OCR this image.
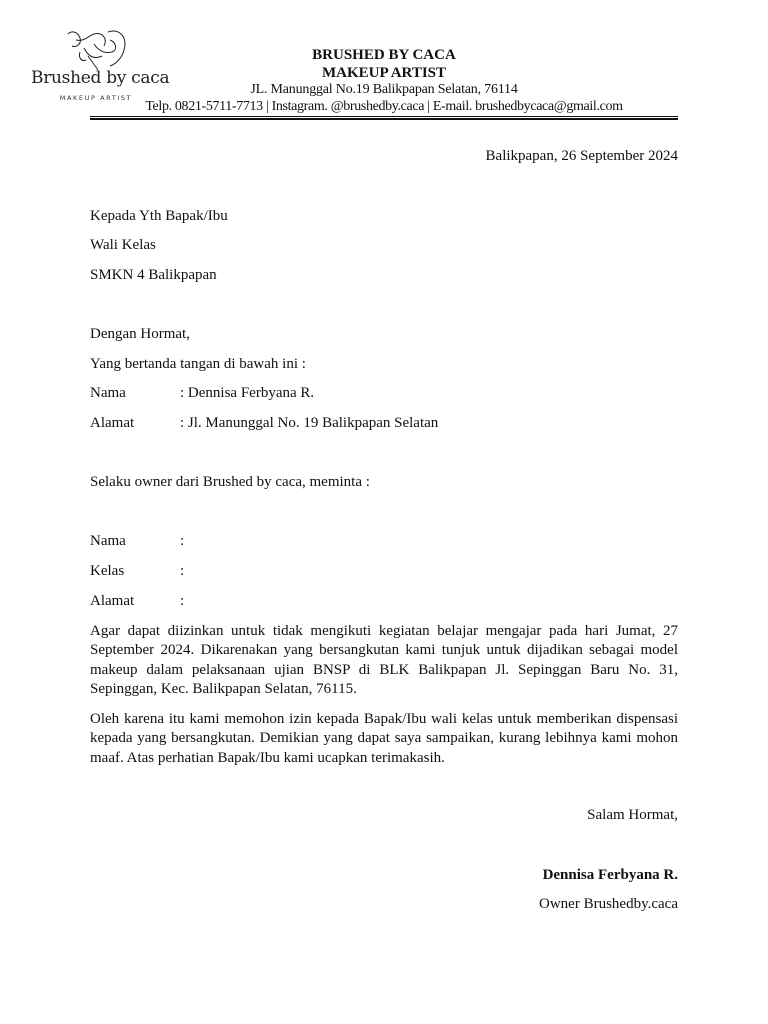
Brushed by caca
MAKEUP ARTIST
BRUSHED BY CACA
MAKEUP ARTIST
JL. Manunggal No.19 Balikpapan Selatan, 76114
Telp. 0821-5711-7713 | Instagram. @brushedby.caca | E-mail. brushedbycaca@gmail.com
Balikpapan, 26 September 2024
Kepada Yth Bapak/Ibu
Wali Kelas
SMKN 4 Balikpapan
Dengan Hormat,
Yang bertanda tangan di bawah ini :
Nama	: Dennisa Ferbyana R.
Alamat	: Jl. Manunggal No. 19 Balikpapan Selatan
Selaku owner dari Brushed by caca, meminta :
Nama	:
Kelas	:
Alamat	:

Agar dapat diizinkan untuk tidak mengikuti kegiatan belajar mengajar pada hari Jumat, 27 September 2024. Dikarenakan yang bersangkutan kami tunjuk untuk dijadikan sebagai model makeup dalam pelaksanaan ujian BNSP di BLK Balikpapan Jl. Sepinggan Baru No. 31, Sepinggan, Kec. Balikpapan Selatan, 76115.

Oleh karena itu kami memohon izin kepada Bapak/Ibu wali kelas untuk memberikan dispensasi kepada yang bersangkutan. Demikian yang dapat saya sampaikan, kurang lebihnya kami mohon maaf. Atas perhatian Bapak/Ibu kami ucapkan terimakasih.

Salam Hormat,
Dennisa Ferbyana R.
Owner Brushedby.caca
